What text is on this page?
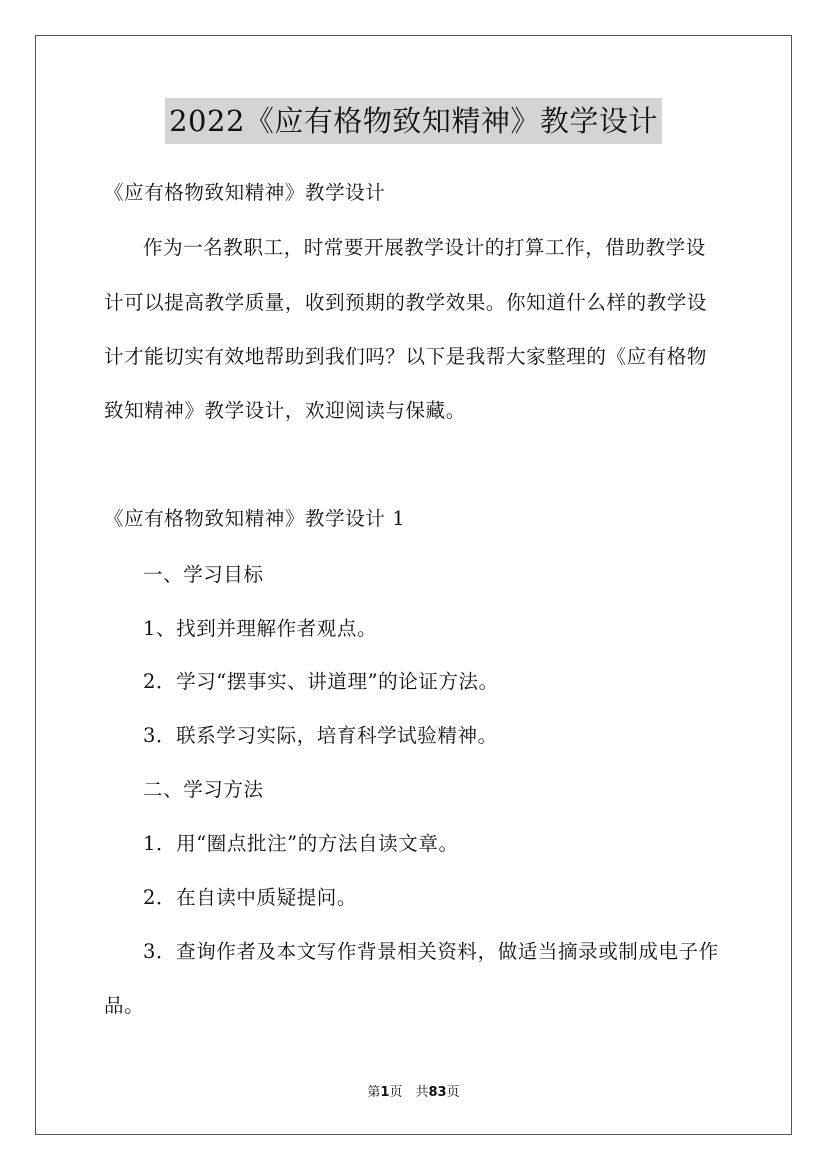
2022《应有格物致知精神》教学设计
《应有格物致知精神》教学设计
作为一名教职工，时常要开展教学设计的打算工作，借助教学设
计可以提高教学质量，收到预期的教学效果。你知道什么样的教学设
计才能切实有效地帮助到我们吗？以下是我帮大家整理的《应有格物
致知精神》教学设计，欢迎阅读与保藏。
《应有格物致知精神》教学设计 1
一、学习目标
1、找到并理解作者观点。
2．学习“摆事实、讲道理”的论证方法。
3．联系学习实际，培育科学试验精神。
二、学习方法
1．用“圈点批注”的方法自读文章。
2．在自读中质疑提问。
3．查询作者及本文写作背景相关资料，做适当摘录或制成电子作
品。
第1页　共83页
